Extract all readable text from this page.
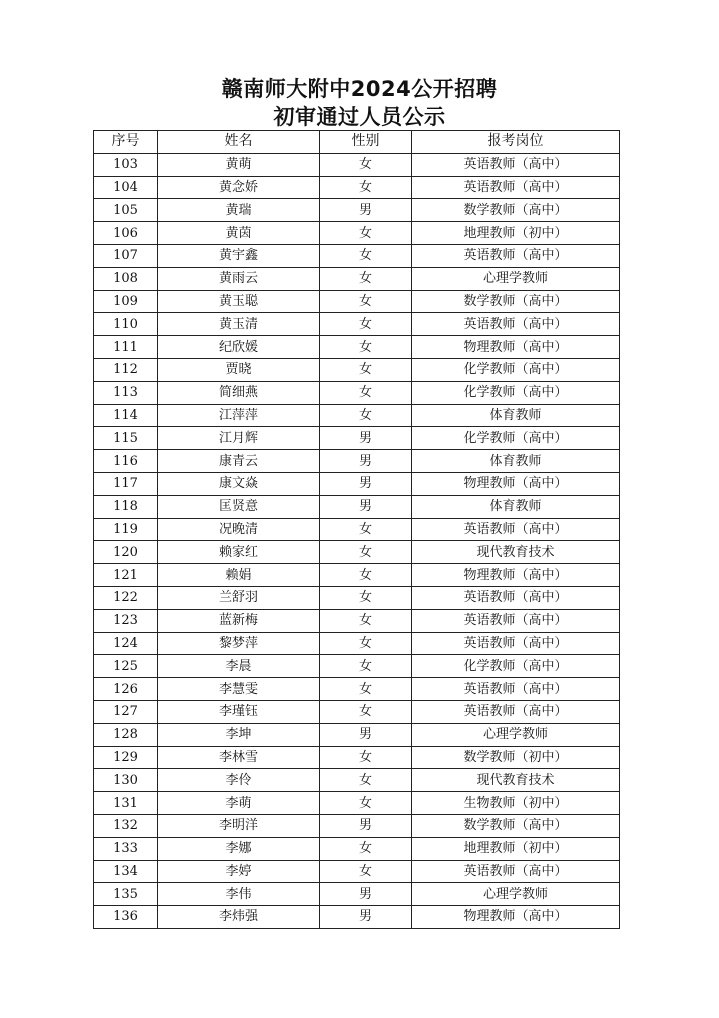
赣南师大附中2024公开招聘
初审通过人员公示
序号	姓名	性别	报考岗位
103	黄萌	女	英语教师（高中）
104	黄念娇	女	英语教师（高中）
105	黄瑞	男	数学教师（高中）
106	黄茵	女	地理教师（初中）
107	黄宇鑫	女	英语教师（高中）
108	黄雨云	女	心理学教师
109	黄玉聪	女	数学教师（高中）
110	黄玉清	女	英语教师（高中）
111	纪欣媛	女	物理教师（高中）
112	贾晓	女	化学教师（高中）
113	简细燕	女	化学教师（高中）
114	江萍萍	女	体育教师
115	江月辉	男	化学教师（高中）
116	康青云	男	体育教师
117	康文焱	男	物理教师（高中）
118	匡贤意	男	体育教师
119	况晚清	女	英语教师（高中）
120	赖家红	女	现代教育技术
121	赖娟	女	物理教师（高中）
122	兰舒羽	女	英语教师（高中）
123	蓝新梅	女	英语教师（高中）
124	黎梦萍	女	英语教师（高中）
125	李晨	女	化学教师（高中）
126	李慧雯	女	英语教师（高中）
127	李瑾钰	女	英语教师（高中）
128	李坤	男	心理学教师
129	李林雪	女	数学教师（初中）
130	李伶	女	现代教育技术
131	李萌	女	生物教师（初中）
132	李明洋	男	数学教师（高中）
133	李娜	女	地理教师（初中）
134	李婷	女	英语教师（高中）
135	李伟	男	心理学教师
136	李炜强	男	物理教师（高中）
